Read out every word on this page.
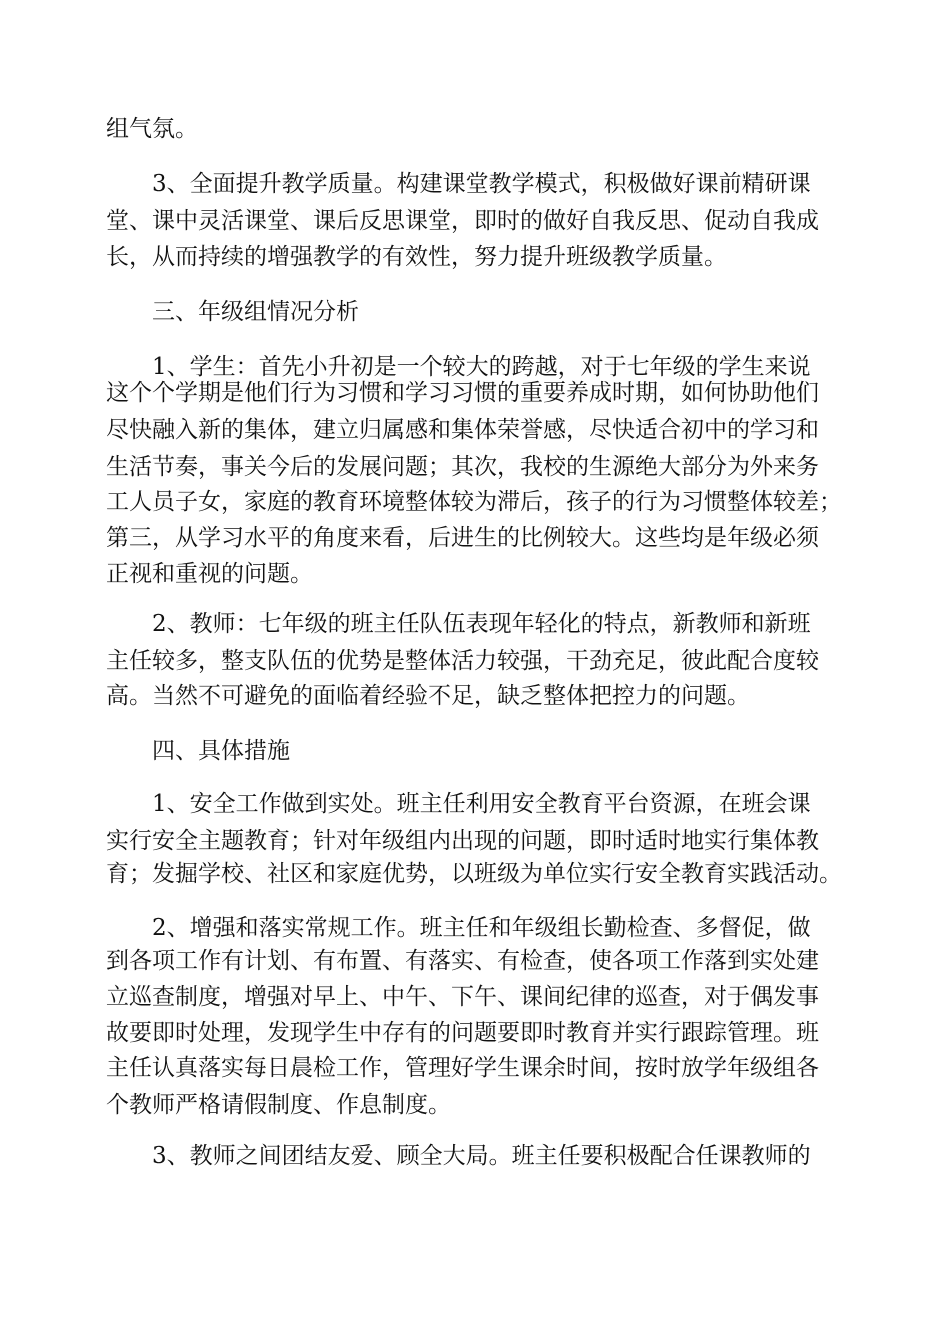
组气氛。
3、全面提升教学质量。构建课堂教学模式，积极做好课前精研课
堂、课中灵活课堂、课后反思课堂，即时的做好自我反思、促动自我成
长，从而持续的增强教学的有效性，努力提升班级教学质量。
三、年级组情况分析
1、学生：首先小升初是一个较大的跨越，对于七年级的学生来说
这个个学期是他们行为习惯和学习习惯的重要养成时期，如何协助他们
尽快融入新的集体，建立归属感和集体荣誉感，尽快适合初中的学习和
生活节奏，事关今后的发展问题；其次，我校的生源绝大部分为外来务
工人员子女，家庭的教育环境整体较为滞后，孩子的行为习惯整体较差；
第三，从学习水平的角度来看，后进生的比例较大。这些均是年级必须
正视和重视的问题。
2、教师：七年级的班主任队伍表现年轻化的特点，新教师和新班
主任较多，整支队伍的优势是整体活力较强，干劲充足，彼此配合度较
高。当然不可避免的面临着经验不足，缺乏整体把控力的问题。
四、具体措施
1、安全工作做到实处。班主任利用安全教育平台资源，在班会课
实行安全主题教育；针对年级组内出现的问题，即时适时地实行集体教
育；发掘学校、社区和家庭优势，以班级为单位实行安全教育实践活动。
2、增强和落实常规工作。班主任和年级组长勤检查、多督促，做
到各项工作有计划、有布置、有落实、有检查，使各项工作落到实处建
立巡查制度，增强对早上、中午、下午、课间纪律的巡查，对于偶发事
故要即时处理，发现学生中存有的问题要即时教育并实行跟踪管理。班
主任认真落实每日晨检工作，管理好学生课余时间，按时放学年级组各
个教师严格请假制度、作息制度。
3、教师之间团结友爱、顾全大局。班主任要积极配合任课教师的
